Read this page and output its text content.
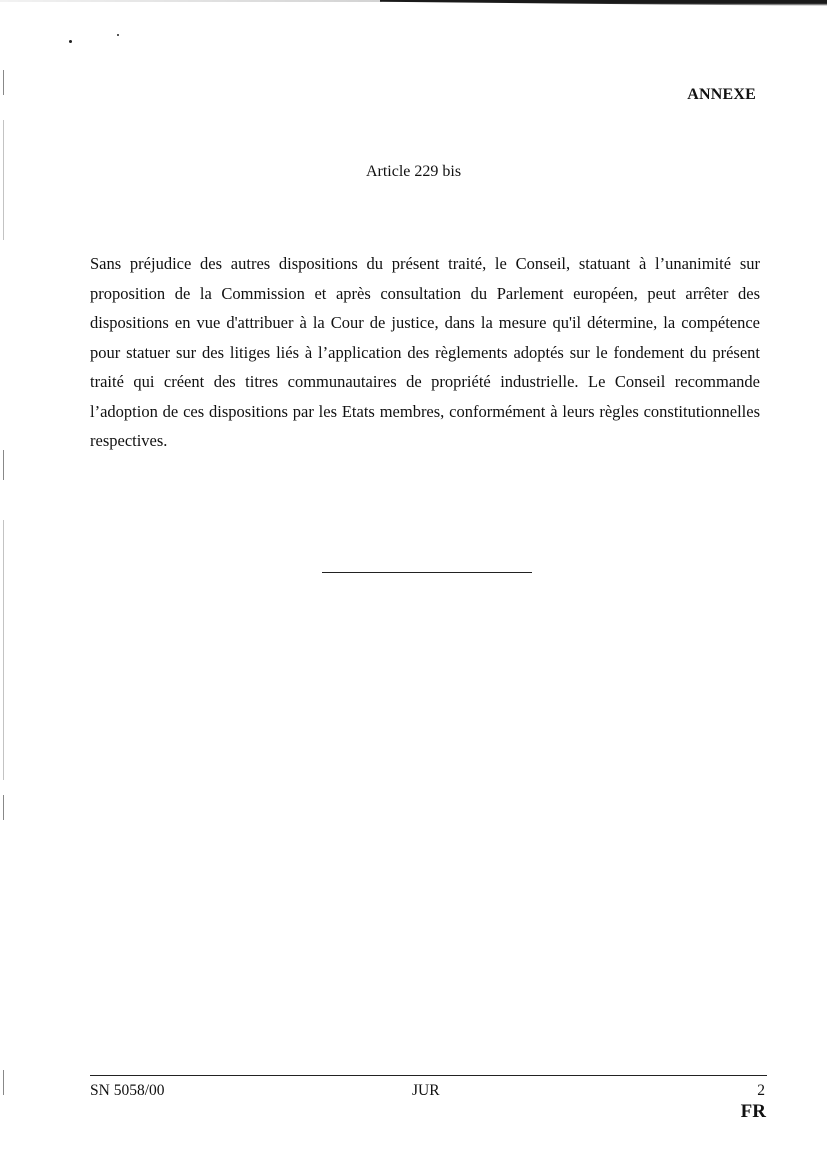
ANNEXE
Article 229 bis

Sans préjudice des autres dispositions du présent traité, le Conseil, statuant à l’unanimité sur proposition de la Commission et après consultation du Parlement européen, peut arrêter des dispositions en vue d'attribuer à la Cour de justice, dans la mesure qu'il détermine, la compétence pour statuer sur des litiges liés à l’application des règlements adoptés sur le fondement du présent traité qui créent des titres communautaires de propriété industrielle. Le Conseil recommande l’adoption de ces dispositions par les Etats membres, conformément à leurs règles constitutionnelles respectives.

SN 5058/00	JUR	2
FR
